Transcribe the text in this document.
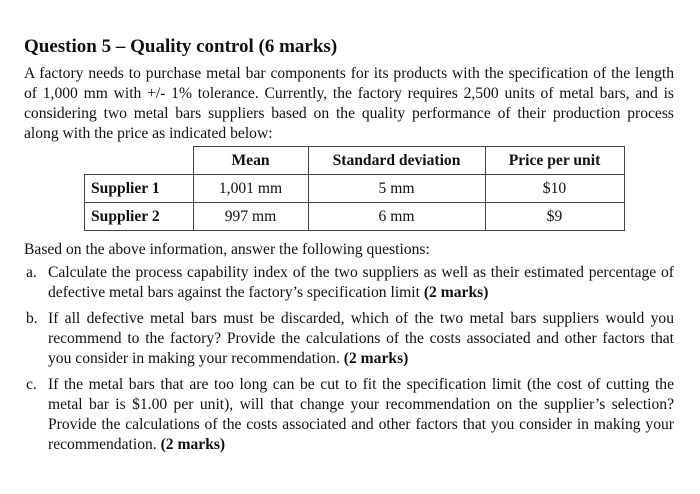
Question 5 – Quality control (6 marks)

A factory needs to purchase metal bar components for its products with the specification of the length of 1,000 mm with +/- 1% tolerance. Currently, the factory requires 2,500 units of metal bars, and is considering two metal bars suppliers based on the quality performance of their production process along with the price as indicated below:

	Mean	Standard deviation	Price per unit
Supplier 1	1,001 mm	5 mm	$10
Supplier 2	997 mm	6 mm	$9

Based on the above information, answer the following questions:

a. Calculate the process capability index of the two suppliers as well as their estimated percentage of defective metal bars against the factory’s specification limit (2 marks)
b. If all defective metal bars must be discarded, which of the two metal bars suppliers would you recommend to the factory? Provide the calculations of the costs associated and other factors that you consider in making your recommendation. (2 marks)
c. If the metal bars that are too long can be cut to fit the specification limit (the cost of cutting the metal bar is $1.00 per unit), will that change your recommendation on the supplier’s selection? Provide the calculations of the costs associated and other factors that you consider in making your recommendation. (2 marks)
